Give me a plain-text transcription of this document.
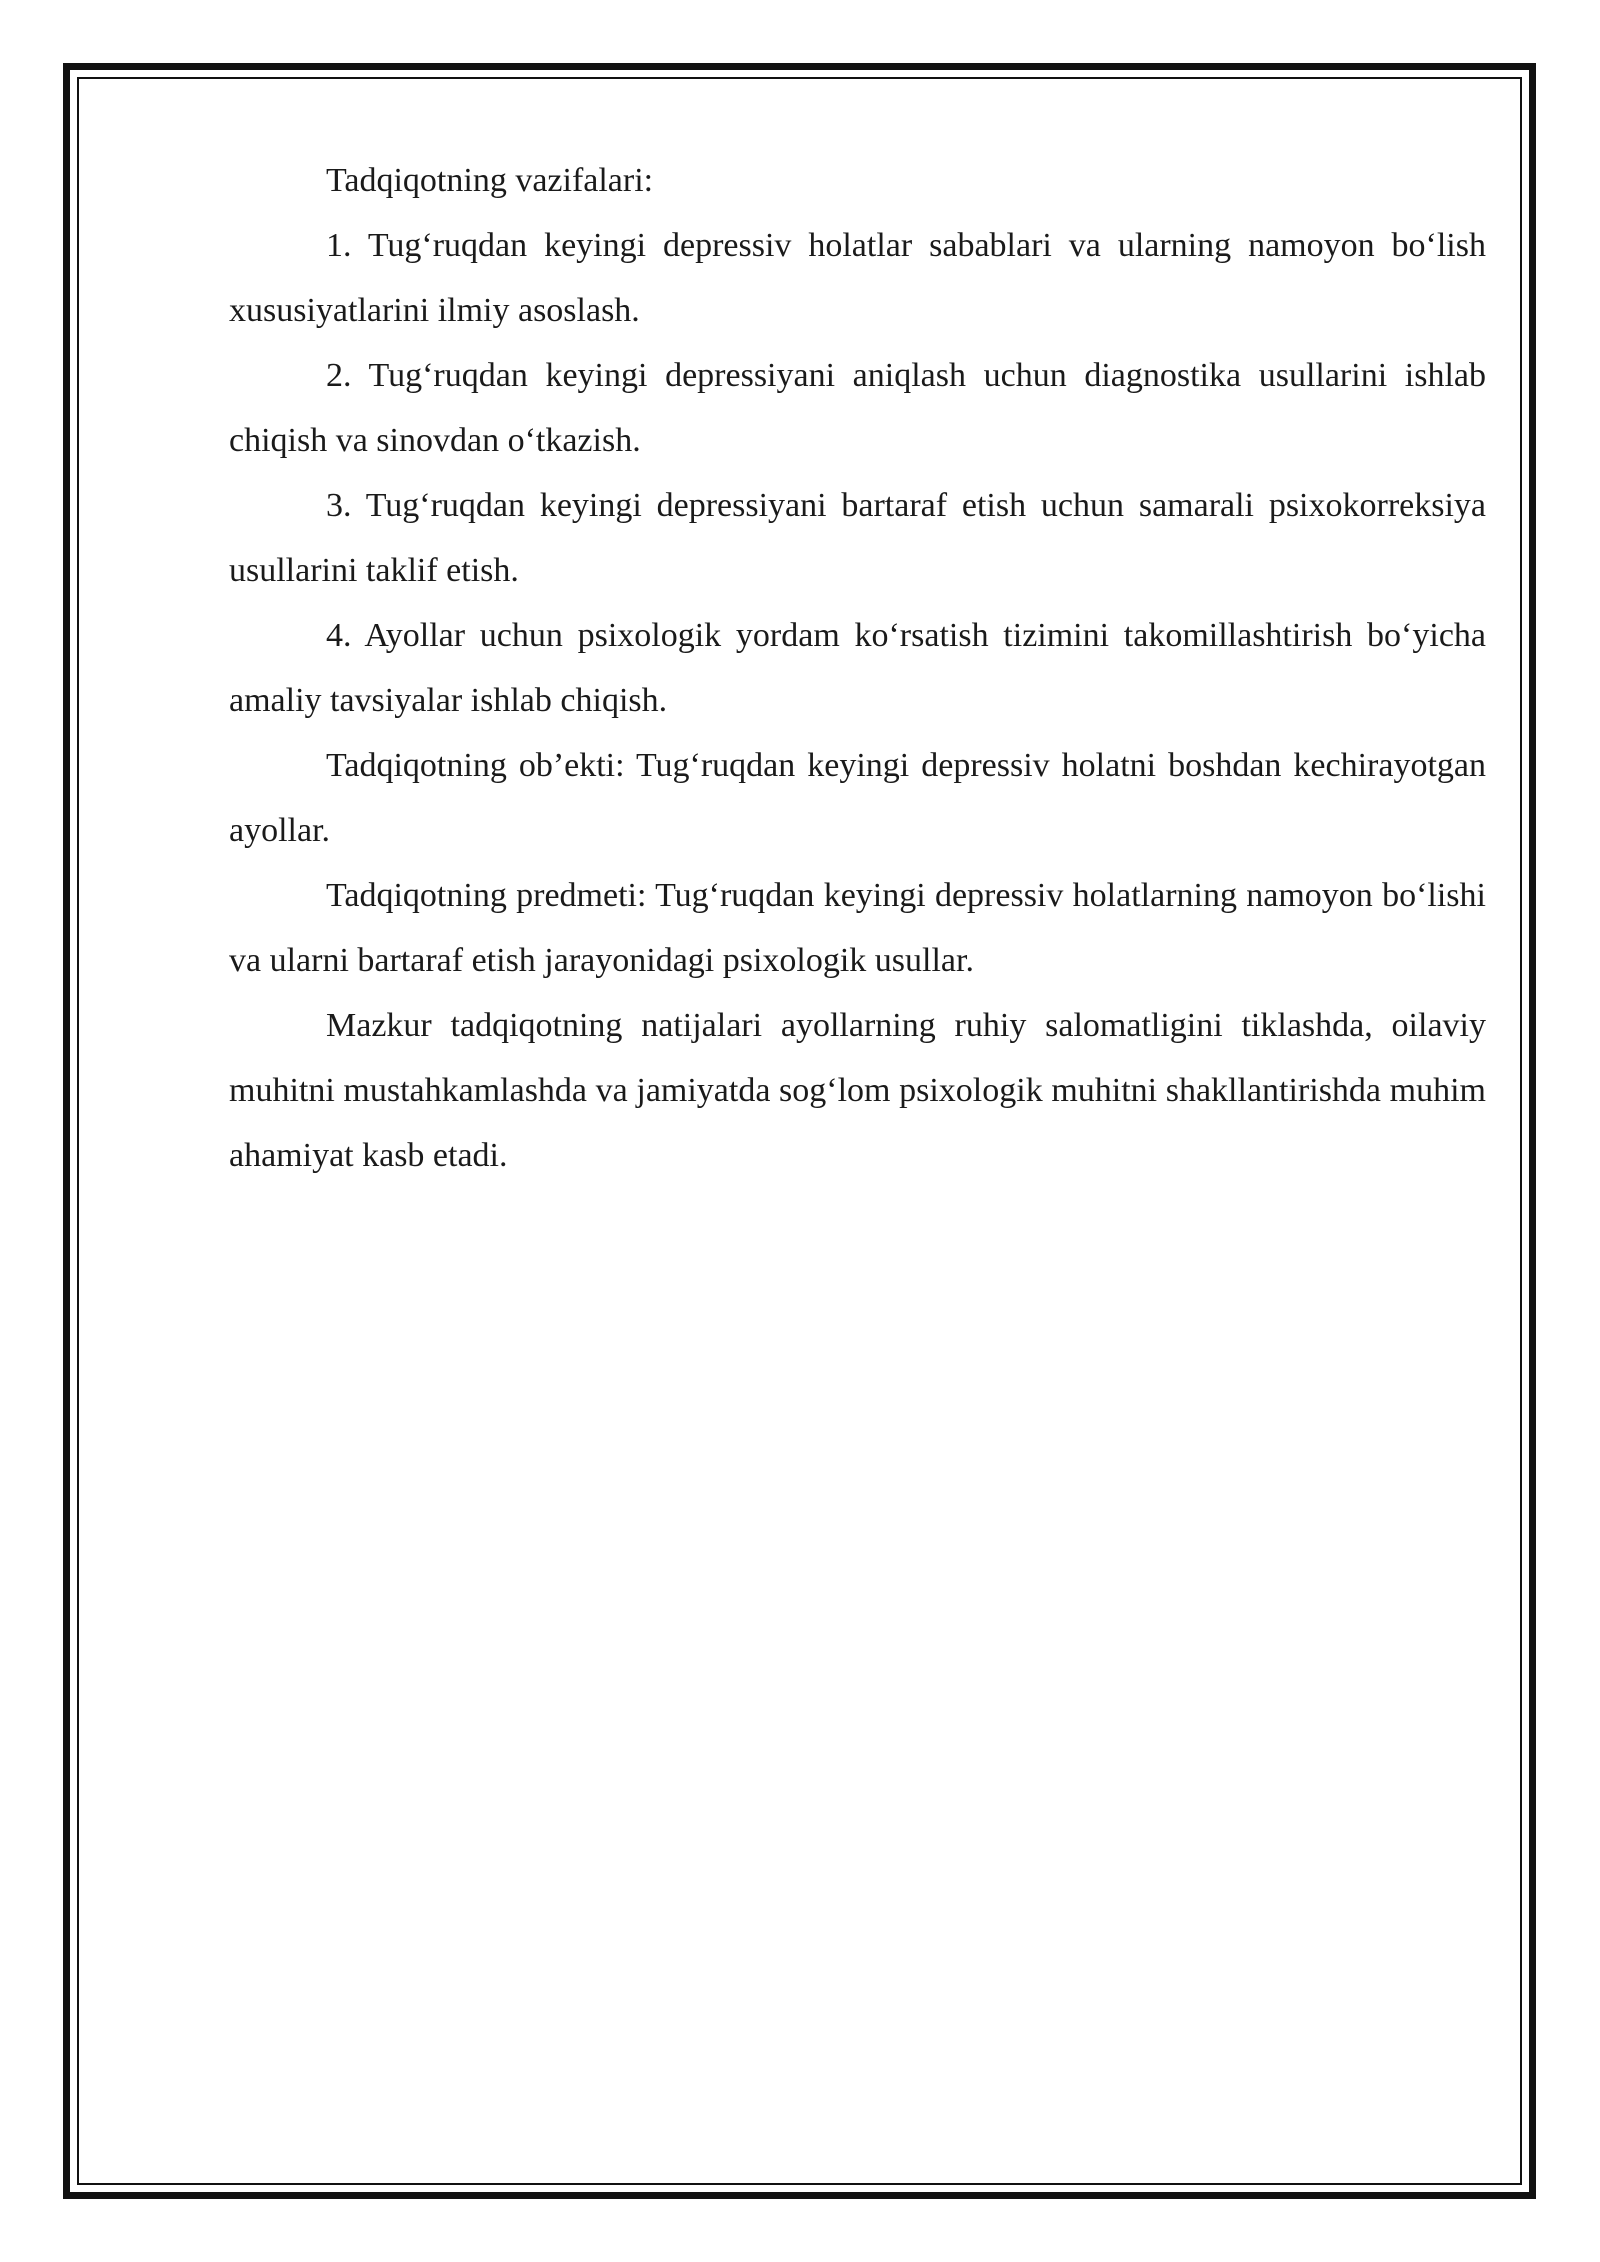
Tadqiqotning vazifalari:

1. Tug‘ruqdan keyingi depressiv holatlar sabablari va ularning namoyon bo‘lish xususiyatlarini ilmiy asoslash.

2. Tug‘ruqdan keyingi depressiyani aniqlash uchun diagnostika usullarini ishlab chiqish va sinovdan o‘tkazish.

3. Tug‘ruqdan keyingi depressiyani bartaraf etish uchun samarali psixokorreksiya usullarini taklif etish.

4. Ayollar uchun psixologik yordam ko‘rsatish tizimini takomillashtirish bo‘yicha amaliy tavsiyalar ishlab chiqish.

Tadqiqotning ob’ekti: Tug‘ruqdan keyingi depressiv holatni boshdan kechirayotgan ayollar.

Tadqiqotning predmeti: Tug‘ruqdan keyingi depressiv holatlarning namoyon bo‘lishi va ularni bartaraf etish jarayonidagi psixologik usullar.

Mazkur tadqiqotning natijalari ayollarning ruhiy salomatligini tiklashda, oilaviy muhitni mustahkamlashda va jamiyatda sog‘lom psixologik muhitni shakllantirishda muhim ahamiyat kasb etadi.
